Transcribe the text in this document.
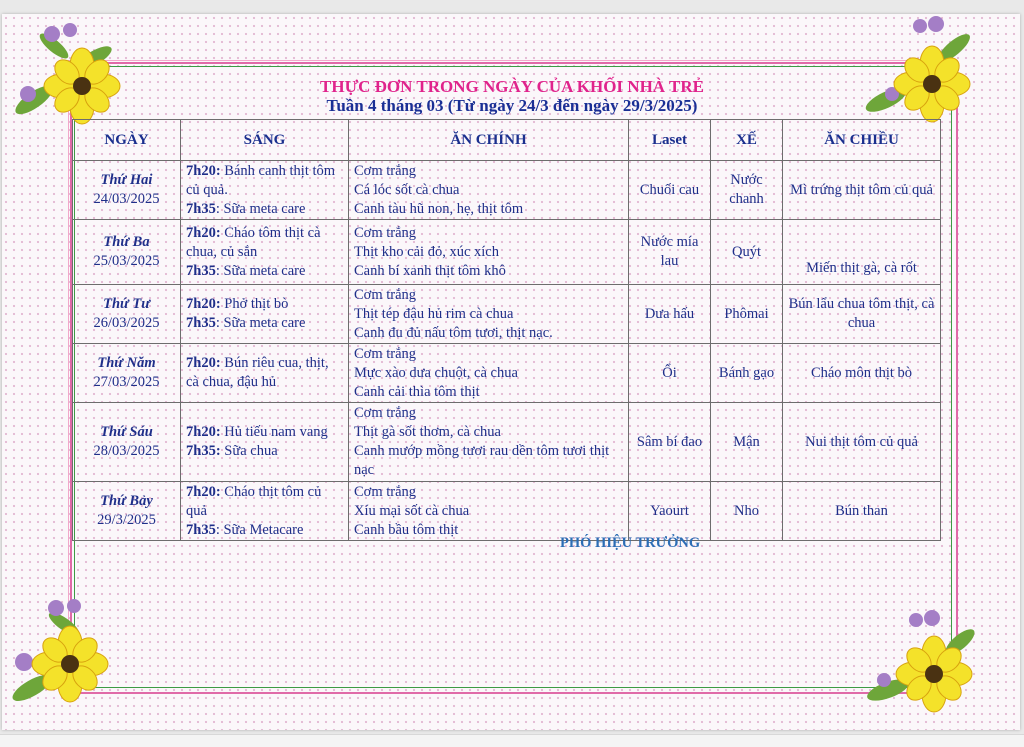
THỰC ĐƠN TRONG NGÀY CỦA KHỐI NHÀ TRẺ
Tuần 4 tháng 03 (Từ ngày 24/3 đến ngày 29/3/2025)
NGÀY	SÁNG	ĂN CHÍNH	Laset	XẾ	ĂN CHIỀU

Thứ Hai
24/03/2025	7h20: Bánh canh thịt tôm củ quả.
7h35: Sữa meta care	Cơm trắng
Cá lóc sốt cà chua
Canh tàu hũ non, hẹ, thịt tôm	Chuối cau	Nước chanh	Mì trứng thịt tôm củ quả

Thứ Ba
25/03/2025	7h20: Cháo tôm thịt cà chua, củ sắn
7h35: Sữa meta care	Cơm trắng
Thịt kho cải đỏ, xúc xích
Canh bí xanh thịt tôm khô	Nước mía lau	Quýt	Miến thịt gà, cà rốt

Thứ Tư
26/03/2025	7h20: Phở thịt bò
7h35: Sữa meta care	Cơm trắng
Thịt tép đậu hủ rim cà chua
Canh đu đủ nấu tôm tươi, thịt nạc.	Dưa hấu	Phômai	Bún lẩu chua tôm thịt, cà chua

Thứ Năm
27/03/2025	7h20: Bún riêu cua, thịt, cà chua, đậu hủ	Cơm trắng
Mực xào dưa chuột, cà chua
Canh cải thìa tôm thịt	Ổi	Bánh gạo	Cháo môn thịt bò

Thứ Sáu
28/03/2025	7h20: Hủ tiếu nam vang
7h35: Sữa chua	Cơm trắng
Thịt gà sốt thơm, cà chua
Canh mướp mồng tươi rau dền tôm tươi thịt nạc	Sâm bí đao	Mận	Nui thịt tôm củ quả

Thứ Bảy
29/3/2025	7h20: Cháo thịt tôm củ quả
7h35: Sữa Metacare	Cơm trắng
Xíu mại sốt cà chua
Canh bầu tôm thịt	Yaourt	Nho	Bún than

PHÓ HIỆU TRƯỞNG
